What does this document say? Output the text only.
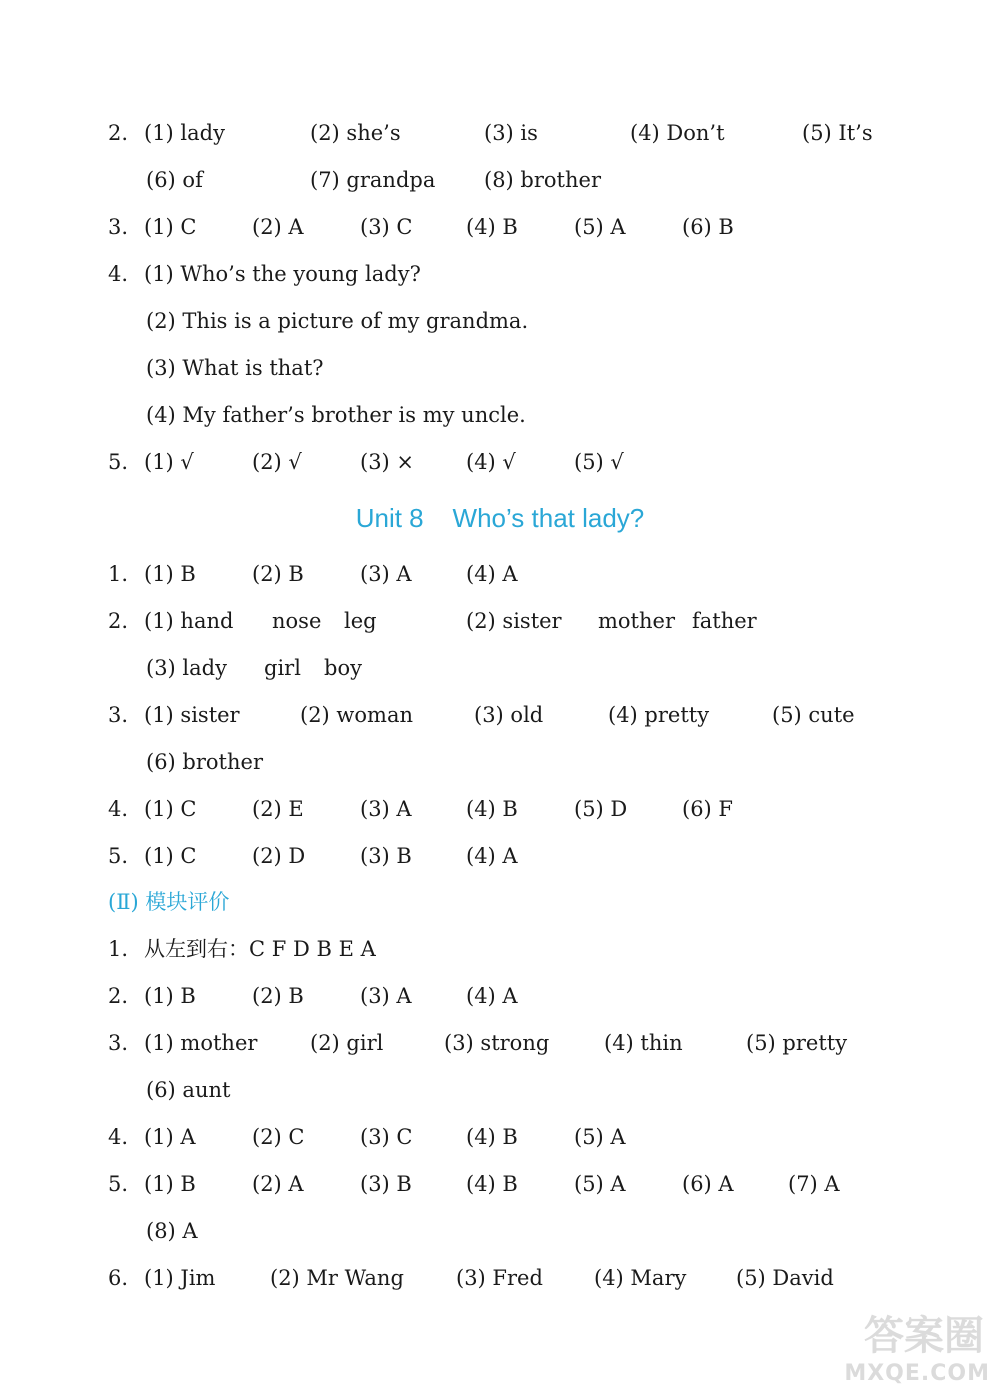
2. (1) lady	(2) she’s	(3) is	(4) Don’t	(5) It’s
(6) of	(7) grandpa (8) brother
3. (1) C	(2) A	(3) C	(4) B	(5) A	(6) B
4. (1) Who’s the young lady?
(2) This is a picture of my grandma.
(3) What is that?
(4) My father’s brother is my uncle.
5. (1) √	(2) √	(3) × (4) √	(5) √
Unit 8    Who’s that lady?
1. (1) B	(2) B	(3) A	(4) A
2. (1) hand nose leg	(2) sister mother father
(3) lady girl boy
3. (1) sister	(2) woman	(3) old	(4) pretty	(5) cute
(6) brother
4. (1) C	(2) E	(3) A	(4) B	(5) D	(6) F
5. (1) C	(2) D	(3) B	(4) A
(Ⅱ) 模块评价
1. 从左到右：C F D B E A
2. (1) B	(2) B	(3) A	(4) A
3. (1) mother	(2) girl	(3) strong	(4) thin	(5) pretty
(6) aunt
4. (1) A	(2) C	(3) C	(4) B	(5) A
5. (1) B	(2) A	(3) B	(4) B	(5) A	(6) A	(7) A
(8) A
6. (1) Jim	(2) Mr Wang (3) Fred (4) Mary (5) David
答案圈
MXQE.COM
